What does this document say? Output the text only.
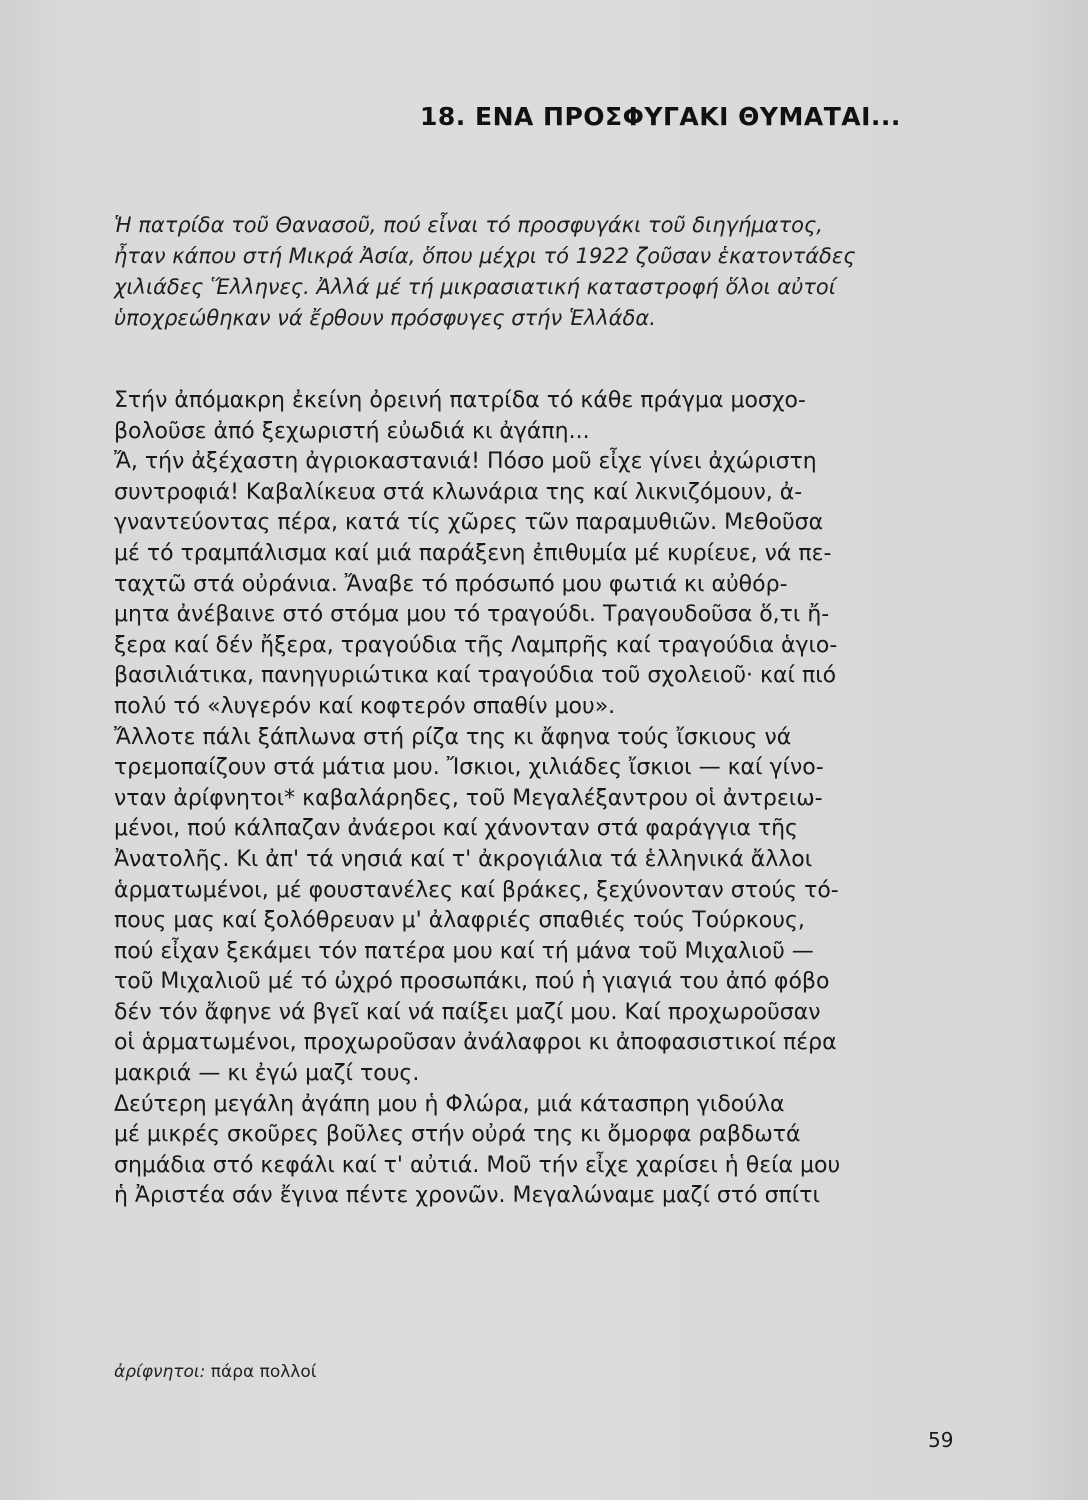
18. ΕΝΑ ΠΡΟΣΦΥΓΑΚΙ ΘΥΜΑΤΑΙ...
Ἡ πατρίδα τοῦ Θανασοῦ, πού εἶναι τό προσφυγάκι τοῦ διηγήματος,
ἦταν κάπου στή Μικρά Ἀσία, ὅπου μέχρι τό 1922 ζοῦσαν ἑκατοντάδες
χιλιάδες Ἕλληνες. Ἀλλά μέ τή μικρασιατική καταστροφή ὅλοι αὐτοί
ὑποχρεώθηκαν νά ἔρθουν πρόσφυγες στήν Ἑλλάδα.
Στήν ἀπόμακρη ἐκείνη ὀρεινή πατρίδα τό κάθε πράγμα μοσχο-
βολοῦσε ἀπό ξεχωριστή εὐωδιά κι ἀγάπη...
Ἄ, τήν ἀξέχαστη ἀγριοκαστανιά! Πόσο μοῦ εἶχε γίνει ἀχώριστη
συντροφιά! Καβαλίκευα στά κλωνάρια της καί λικνιζόμουν, ἀ-
γναντεύοντας πέρα, κατά τίς χῶρες τῶν παραμυθιῶν. Μεθοῦσα
μέ τό τραμπάλισμα καί μιά παράξενη ἐπιθυμία μέ κυρίευε, νά πε-
ταχτῶ στά οὐράνια. Ἄναβε τό πρόσωπό μου φωτιά κι αὐθόρ-
μητα ἀνέβαινε στό στόμα μου τό τραγούδι. Τραγουδοῦσα ὅ,τι ἤ-
ξερα καί δέν ἤξερα, τραγούδια τῆς Λαμπρῆς καί τραγούδια ἁγιο-
βασιλιάτικα, πανηγυριώτικα καί τραγούδια τοῦ σχολειοῦ· καί πιό
πολύ τό «λυγερόν καί κοφτερόν σπαθίν μου».
Ἄλλοτε πάλι ξάπλωνα στή ρίζα της κι ἄφηνα τούς ἴσκιους νά
τρεμοπαίζουν στά μάτια μου. Ἴσκιοι, χιλιάδες ἴσκιοι — καί γίνο-
νταν ἀρίφνητοι* καβαλάρηδες, τοῦ Μεγαλέξαντρου οἱ ἀντρειω-
μένοι, πού κάλπαζαν ἀνάεροι καί χάνονταν στά φαράγγια τῆς
Ἀνατολῆς. Κι ἀπ' τά νησιά καί τ' ἀκρογιάλια τά ἑλληνικά ἄλλοι
ἁρματωμένοι, μέ φουστανέλες καί βράκες, ξεχύνονταν στούς τό-
πους μας καί ξολόθρευαν μ' ἀλαφριές σπαθιές τούς Τούρκους,
πού εἶχαν ξεκάμει τόν πατέρα μου καί τή μάνα τοῦ Μιχαλιοῦ —
τοῦ Μιχαλιοῦ μέ τό ὠχρό προσωπάκι, πού ἡ γιαγιά του ἀπό φόβο
δέν τόν ἄφηνε νά βγεῖ καί νά παίξει μαζί μου. Καί προχωροῦσαν
οἱ ἁρματωμένοι, προχωροῦσαν ἀνάλαφροι κι ἀποφασιστικοί πέρα
μακριά — κι ἐγώ μαζί τους.
Δεύτερη μεγάλη ἀγάπη μου ἡ Φλώρα, μιά κάτασπρη γιδούλα
μέ μικρές σκοῦρες βοῦλες στήν οὐρά της κι ὄμορφα ραβδωτά
σημάδια στό κεφάλι καί τ' αὐτιά. Μοῦ τήν εἶχε χαρίσει ἡ θεία μου
ἡ Ἀριστέα σάν ἔγινα πέντε χρονῶν. Μεγαλώναμε μαζί στό σπίτι
ἀρίφνητοι: πάρα πολλοί
59
